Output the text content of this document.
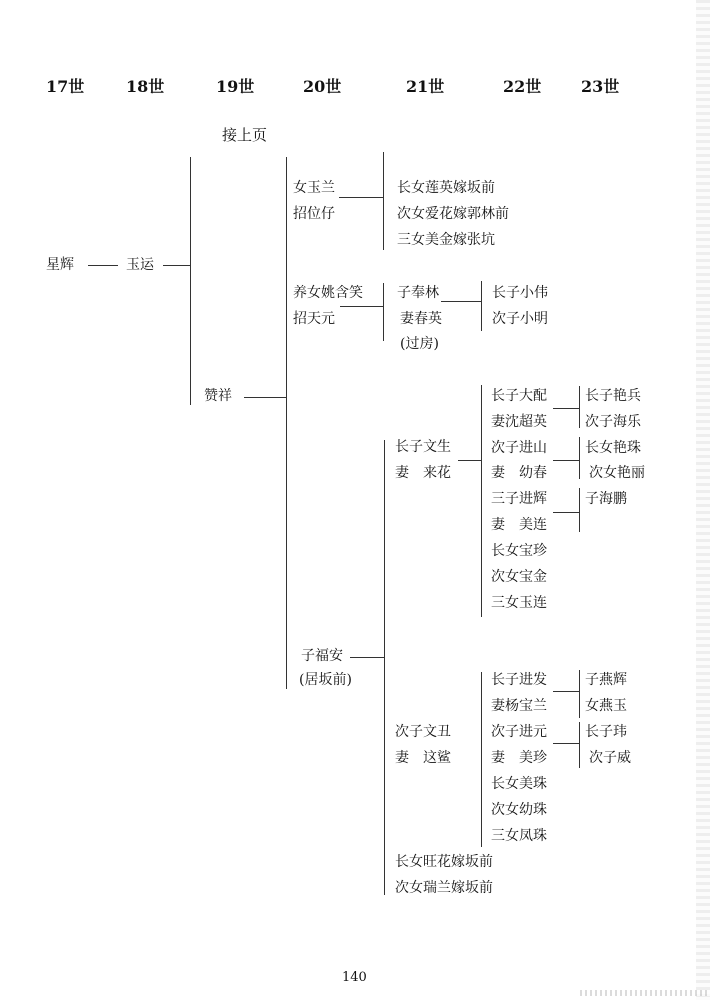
17世	18世	19世	20世	21世	22世 23世
接上页
星辉	玉运
赞祥
女玉兰
招位仔
长女莲英嫁坂前
次女爱花嫁郭林前
三女美金嫁张坑
养女姚含笑
招天元
子奉林
妻春英
(过房)
长子小伟
次子小明
子福安
(居坂前)
长子文生
妻　来花
长子大配
妻沈超英
次子进山
妻　幼春
三子进辉
妻　美连
长女宝珍
次女宝金
三女玉连
长子艳兵
次子海乐
长女艳珠
次女艳丽
子海鹏
次子文丑
妻　这鲨
长子进发
妻杨宝兰
次子进元
妻　美珍
长女美珠
次女幼珠
三女凤珠
子燕辉
女燕玉
长子玮
次子威
长女旺花嫁坂前
次女瑞兰嫁坂前
140
